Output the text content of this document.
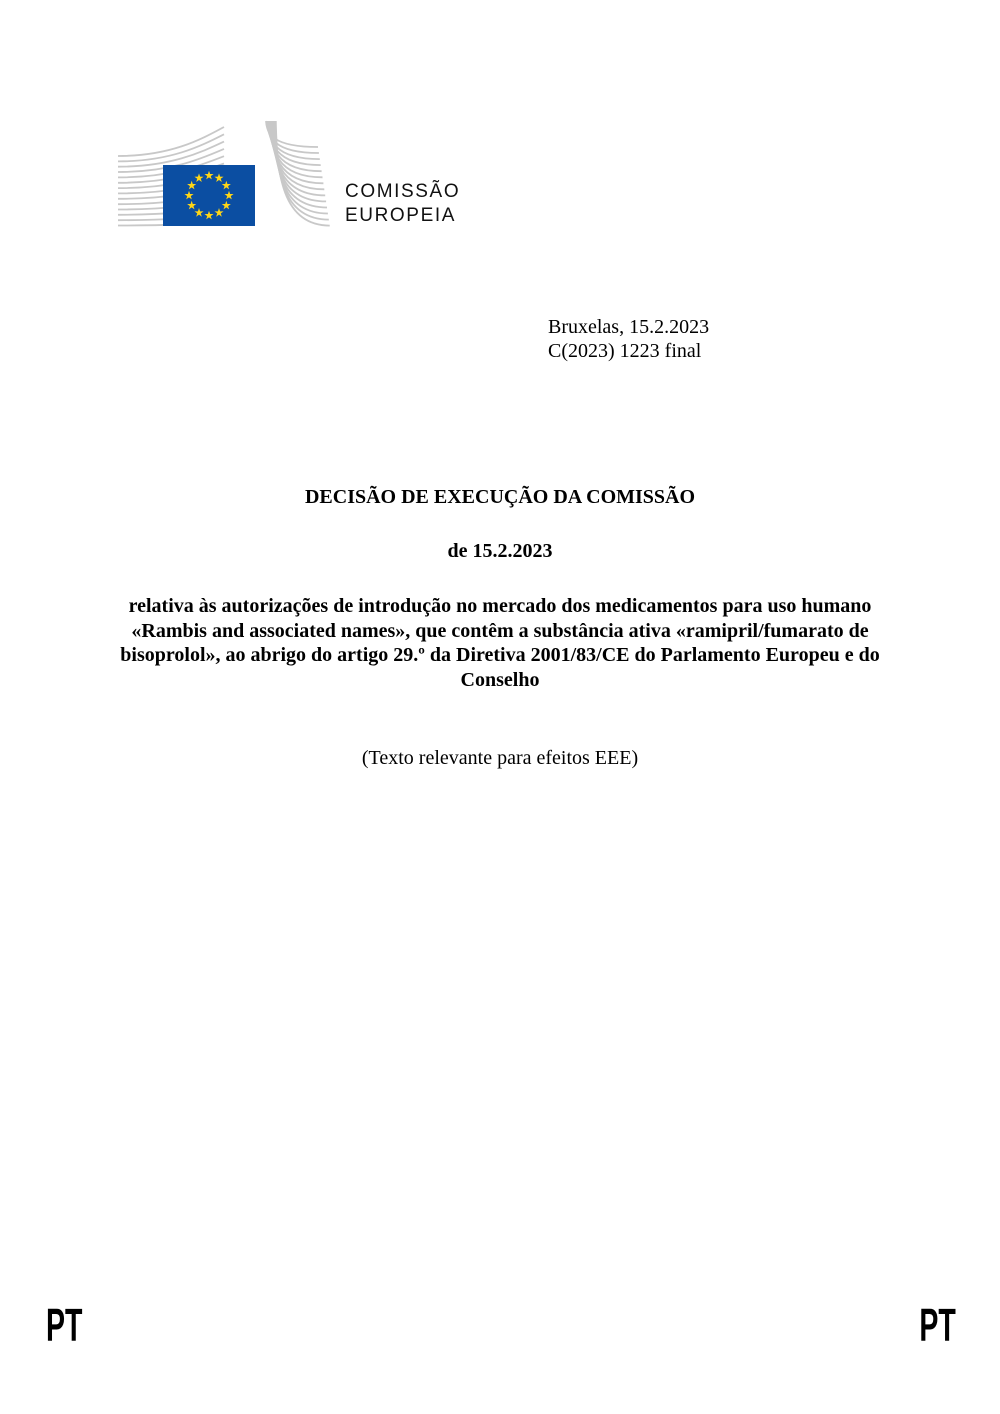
COMISSÃO
EUROPEIA
Bruxelas, 15.2.2023
C(2023) 1223 final
DECISÃO DE EXECUÇÃO DA COMISSÃO
de 15.2.2023
relativa às autorizações de introdução no mercado dos medicamentos para uso humano «Rambis and associated names», que contêm a substância ativa «ramipril/fumarato de bisoprolol», ao abrigo do artigo 29.º da Diretiva 2001/83/CE do Parlamento Europeu e do Conselho
(Texto relevante para efeitos EEE)
PT	PT
